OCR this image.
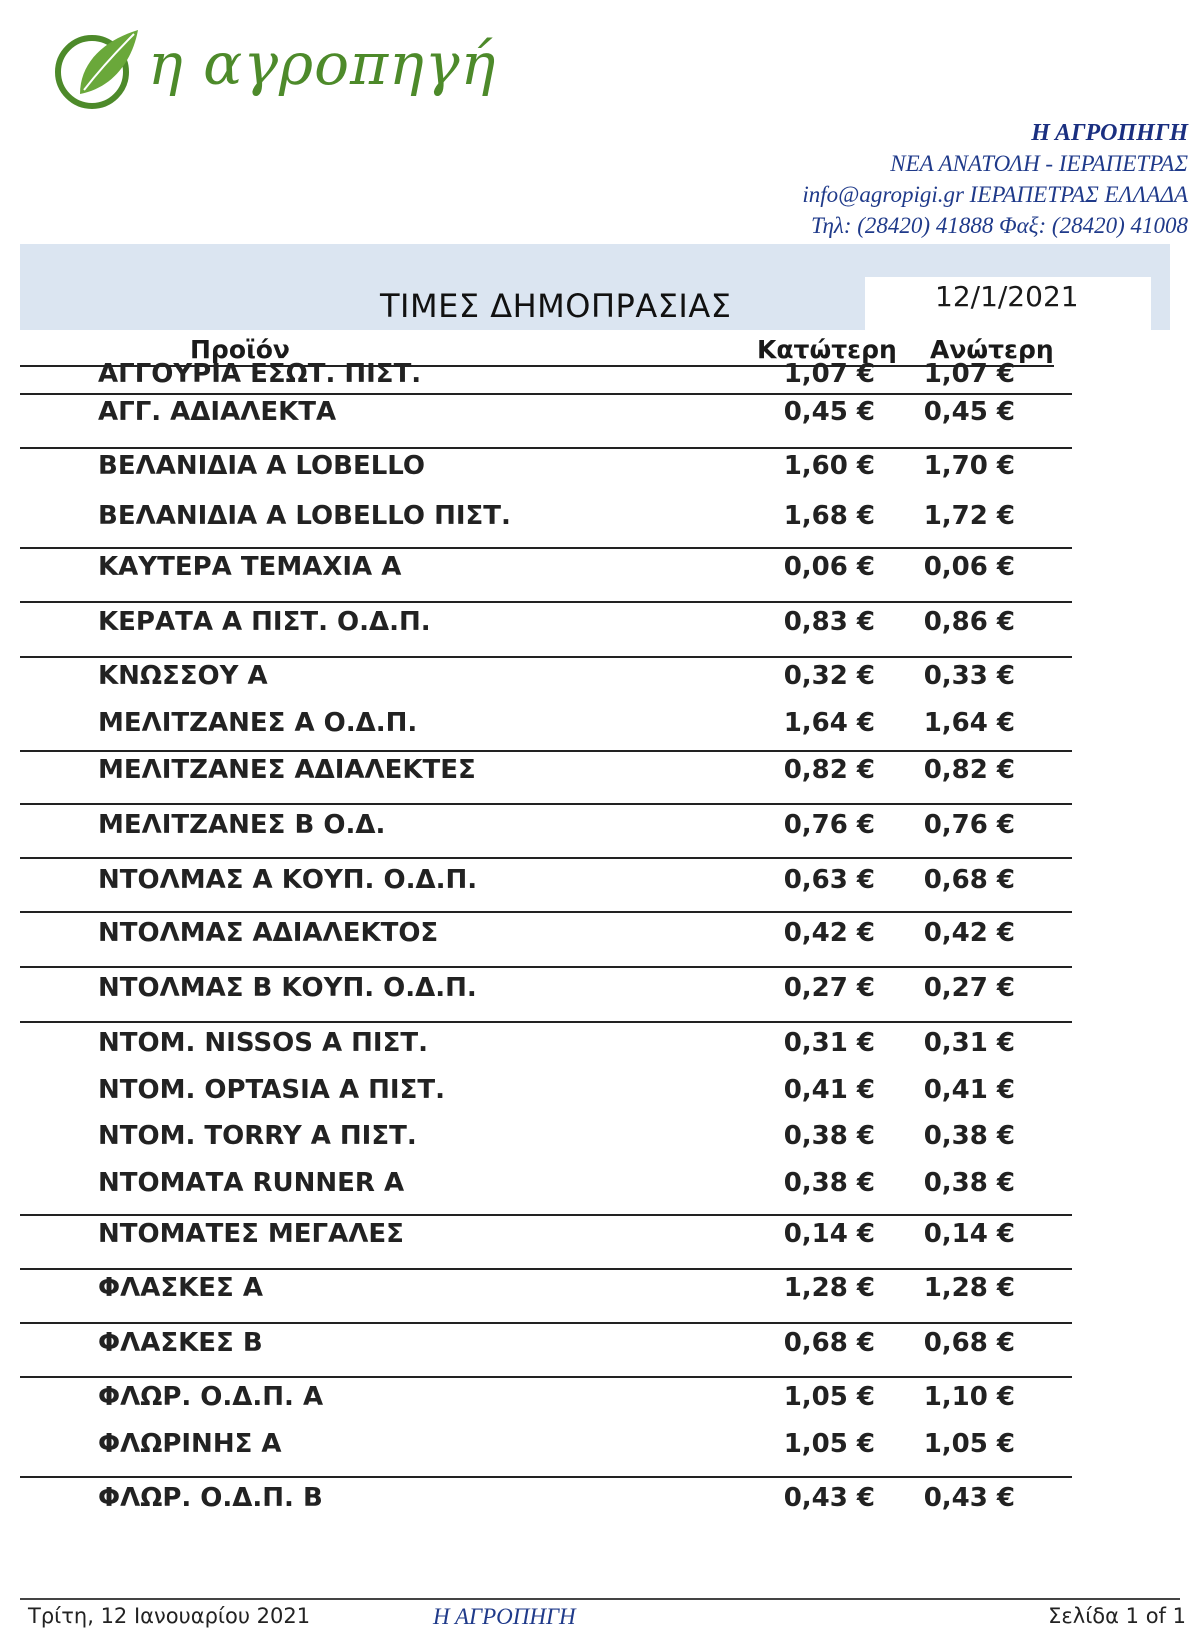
η αγροπηγή
Η ΑΓΡΟΠΗΓΗ
ΝΕΑ ΑΝΑΤΟΛΗ - ΙΕΡΑΠΕΤΡΑΣ
info@agropigi.gr ΙΕΡΑΠΕΤΡΑΣ ΕΛΛΑΔΑ
Τηλ: (28420) 41888 Φαξ: (28420) 41008
12/1/2021
ΤΙΜΕΣ ΔΗΜΟΠΡΑΣΙΑΣ
Προϊόν	Κατώτερη Ανώτερη
ΑΓΓΟΥΡΙΑ ΕΣΩΤ. ΠΙΣΤ.	1,07 €	1,07 €
ΑΓΓ. ΑΔΙΑΛΕΚΤΑ	0,45 €	0,45 €
ΒΕΛΑΝΙΔΙΑ Α LOBELLO	1,60 €	1,70 €
ΒΕΛΑΝΙΔΙΑ Α LOBELLO ΠΙΣΤ.	1,68 €	1,72 €
ΚΑΥΤΕΡΑ ΤΕΜΑΧΙΑ Α	0,06 €	0,06 €
ΚΕΡΑΤΑ Α ΠΙΣΤ. Ο.Δ.Π.	0,83 €	0,86 €
ΚΝΩΣΣΟΥ Α	0,32 €	0,33 €
ΜΕΛΙΤΖΑΝΕΣ Α Ο.Δ.Π.	1,64 €	1,64 €
ΜΕΛΙΤΖΑΝΕΣ ΑΔΙΑΛΕΚΤΕΣ	0,82 €	0,82 €
ΜΕΛΙΤΖΑΝΕΣ Β Ο.Δ.	0,76 €	0,76 €
ΝΤΟΛΜΑΣ Α ΚΟΥΠ. Ο.Δ.Π.	0,63 €	0,68 €
ΝΤΟΛΜΑΣ ΑΔΙΑΛΕΚΤΟΣ	0,42 €	0,42 €
ΝΤΟΛΜΑΣ Β ΚΟΥΠ. Ο.Δ.Π.	0,27 €	0,27 €
ΝΤΟΜ. NISSOS Α ΠΙΣΤ.	0,31 €	0,31 €
ΝΤΟΜ. OPTASIA Α ΠΙΣΤ.	0,41 €	0,41 €
ΝΤΟΜ. TORRY Α ΠΙΣΤ.	0,38 €	0,38 €
ΝΤΟΜΑΤΑ RUNNER Α	0,38 €	0,38 €
ΝΤΟΜΑΤΕΣ ΜΕΓΑΛΕΣ	0,14 €	0,14 €
ΦΛΑΣΚΕΣ Α	1,28 €	1,28 €
ΦΛΑΣΚΕΣ Β	0,68 €	0,68 €
ΦΛΩΡ. Ο.Δ.Π. Α	1,05 €	1,10 €
ΦΛΩΡΙΝΗΣ Α	1,05 €	1,05 €
ΦΛΩΡ. Ο.Δ.Π. Β	0,43 €	0,43 €
Τρίτη, 12 Ιανουαρίου 2021	Η ΑΓΡΟΠΗΓΗ	Σελίδα 1 of 1
